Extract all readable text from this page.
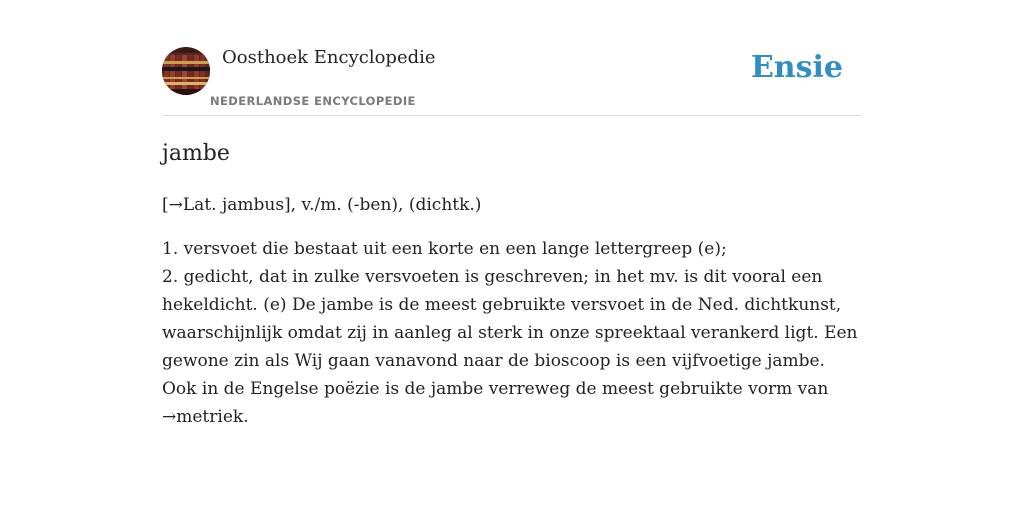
Oosthoek Encyclopedie
NEDERLANDSE ENCYCLOPEDIE
Ensie
jambe

[→Lat. jambus], v./m. (-ben), (dichtk.)

1. versvoet die bestaat uit een korte en een lange lettergreep (e);
2. gedicht, dat in zulke versvoeten is geschreven; in het mv. is dit vooral een hekeldicht. (e) De jambe is de meest gebruikte versvoet in de Ned. dichtkunst, waarschijnlijk omdat zij in aanleg al sterk in onze spreektaal verankerd ligt. Een gewone zin als Wij gaan vanavond naar de bioscoop is een vijfvoetige jambe. Ook in de Engelse poëzie is de jambe verreweg de meest gebruikte vorm van →metriek.
